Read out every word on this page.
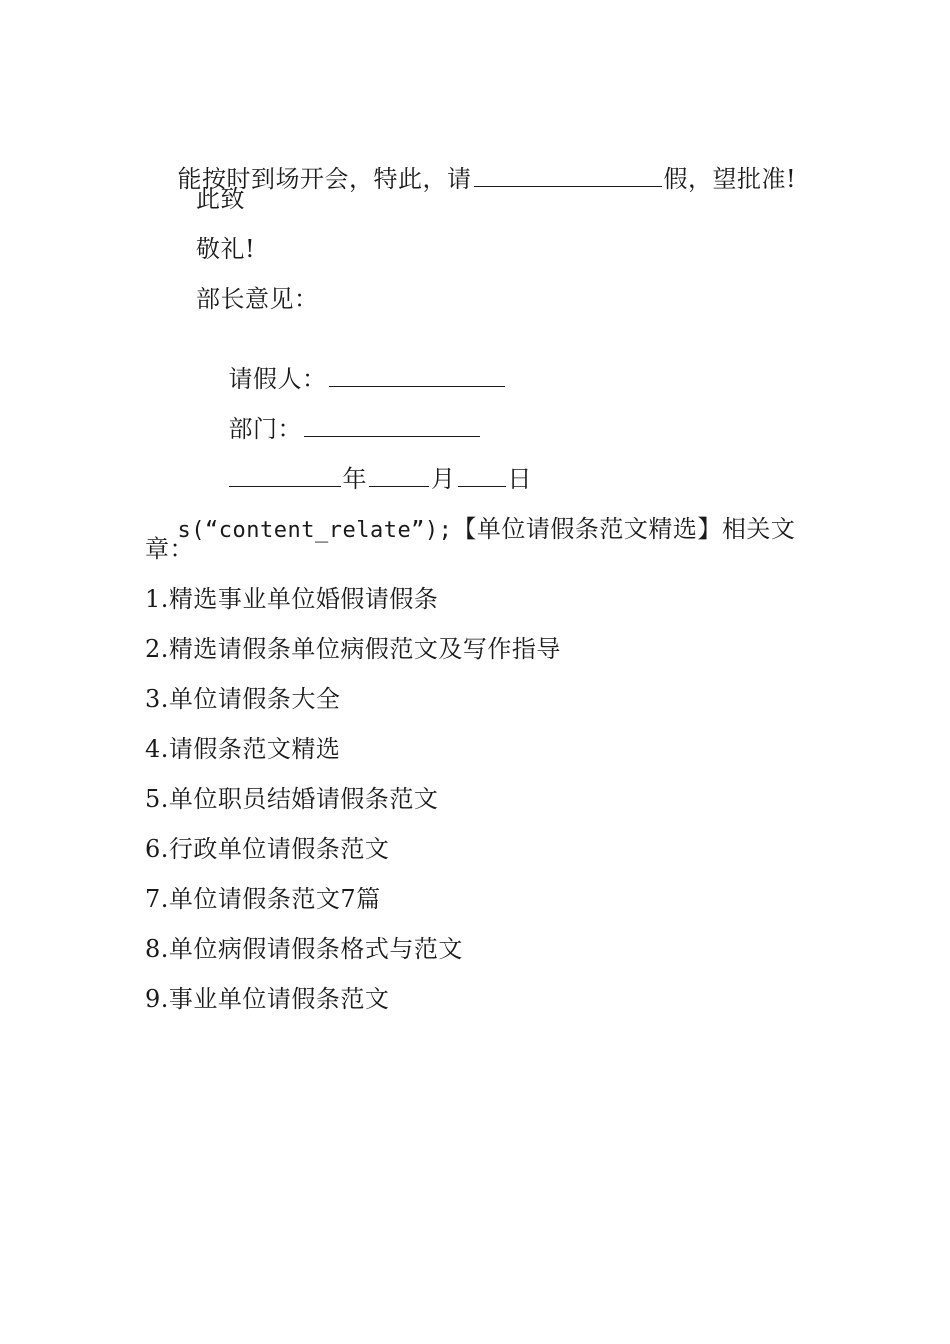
能按时到场开会，特此，请	假，望批准!

此致
敬礼!
部长意见：

请假人：

部门：

年	月 日

s(“content_relate”);【单位请假条范文精选】相关文

章：
1.精选事业单位婚假请假条
2.精选请假条单位病假范文及写作指导
3.单位请假条大全
4.请假条范文精选
5.单位职员结婚请假条范文
6.行政单位请假条范文
7.单位请假条范文7篇
8.单位病假请假条格式与范文
9.事业单位请假条范文
